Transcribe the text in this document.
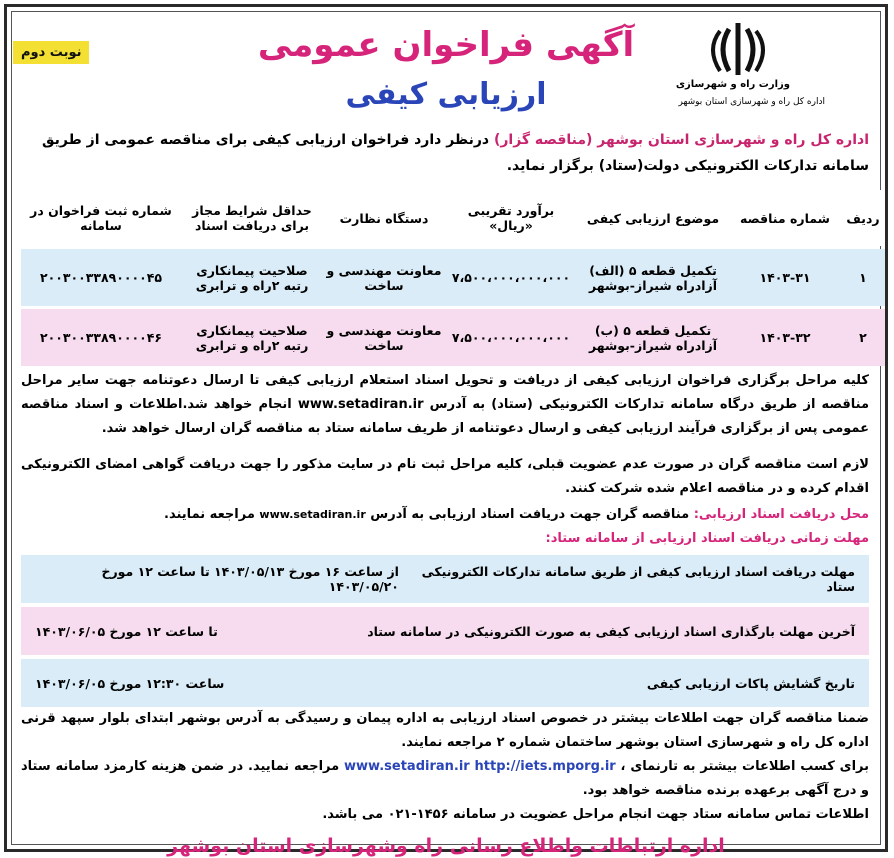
وزارت راه و شهرسازی
اداره کل راه و شهرسازی استان بوشهر
آگهی فراخوان عمومی
ارزیابی کیفی
نوبت دوم
اداره کل راه و شهرسازی استان بوشهر (مناقصه گزار) درنظر دارد فراخوان ارزیابی کیفی برای مناقصه عمومی از طریق سامانه تدارکات الکترونیکی دولت(ستاد) برگزار نماید.
ردیف	شماره مناقصه	موضوع ارزیابی کیفی	برآورد تقریبی «ریال»	دستگاه نظارت	حداقل شرایط مجاز برای دریافت اسناد	شماره ثبت فراخوان در سامانه
۱	۱۴۰۳-۳۱	تکمیل قطعه ۵ (الف) آزادراه شیراز-بوشهر	۷،۵۰۰،۰۰۰،۰۰۰،۰۰۰	معاونت مهندسی و ساخت	صلاحیت پیمانکاری رتبه ۲راه و ترابری	۲۰۰۳۰۰۳۳۸۹۰۰۰۰۴۵
۲	۱۴۰۳-۳۲	تکمیل قطعه ۵ (ب) آزادراه شیراز-بوشهر	۷،۵۰۰،۰۰۰،۰۰۰،۰۰۰	معاونت مهندسی و ساخت	صلاحیت پیمانکاری رتبه ۲راه و ترابری	۲۰۰۳۰۰۳۳۸۹۰۰۰۰۴۶
کلیه مراحل برگزاری فراخوان ارزیابی کیفی از دریافت و تحویل اسناد استعلام ارزیابی کیفی تا ارسال دعوتنامه جهت سایر مراحل مناقصه از طریق درگاه سامانه تدارکات الکترونیکی (ستاد) به آدرس www.setadiran.ir انجام خواهد شد.اطلاعات و اسناد مناقصه عمومی پس از برگزاری فرآیند ارزیابی کیفی و ارسال دعوتنامه از طریف سامانه ستاد به مناقصه گران ارسال خواهد شد.
لازم است مناقصه گران در صورت عدم عضویت قبلی، کلیه مراحل ثبت نام در سایت مذکور را جهت دریافت گواهی امضای الکترونیکی اقدام کرده و در مناقصه اعلام شده شرکت کنند.
محل دریافت اسناد ارزیابی: مناقصه گران جهت دریافت اسناد ارزیابی به آدرس www.setadiran.ir مراجعه نمایند.
مهلت زمانی دریافت اسناد ارزیابی از سامانه ستاد:
مهلت دریافت اسناد ارزیابی کیفی از طریق سامانه تدارکات الکترونیکی ستاد
از ساعت ۱۶ مورخ ۱۴۰۳/۰۵/۱۳ تا ساعت ۱۲ مورخ ۱۴۰۳/۰۵/۲۰
آخرین مهلت بارگذاری اسناد ارزیابی کیفی به صورت الکترونیکی در سامانه ستاد
تا ساعت ۱۲ مورخ ۱۴۰۳/۰۶/۰۵
تاریخ گشایش پاکات ارزیابی کیفی
ساعت ۱۲:۳۰ مورخ ۱۴۰۳/۰۶/۰۵
ضمنا مناقصه گران جهت اطلاعات بیشتر در خصوص اسناد ارزیابی به اداره پیمان و رسیدگی به آدرس بوشهر ابتدای بلوار سپهد قرنی اداره کل راه و شهرسازی استان بوشهر ساختمان شماره ۲ مراجعه نمایند.
برای کسب اطلاعات بیشتر به تارنمای ، www.setadiran.ir http://iets.mporg.ir مراجعه نمایید. در ضمن هزینه کارمزد سامانه ستاد و درج آگهی برعهده برنده مناقصه خواهد بود.
اطلاعات تماس سامانه ستاد جهت انجام مراحل عضویت در سامانه ۱۴۵۶-۰۲۱ می باشد.
اداره ارتباطات واطلاع رسانی راه وشهرسازی استان بوشهر
